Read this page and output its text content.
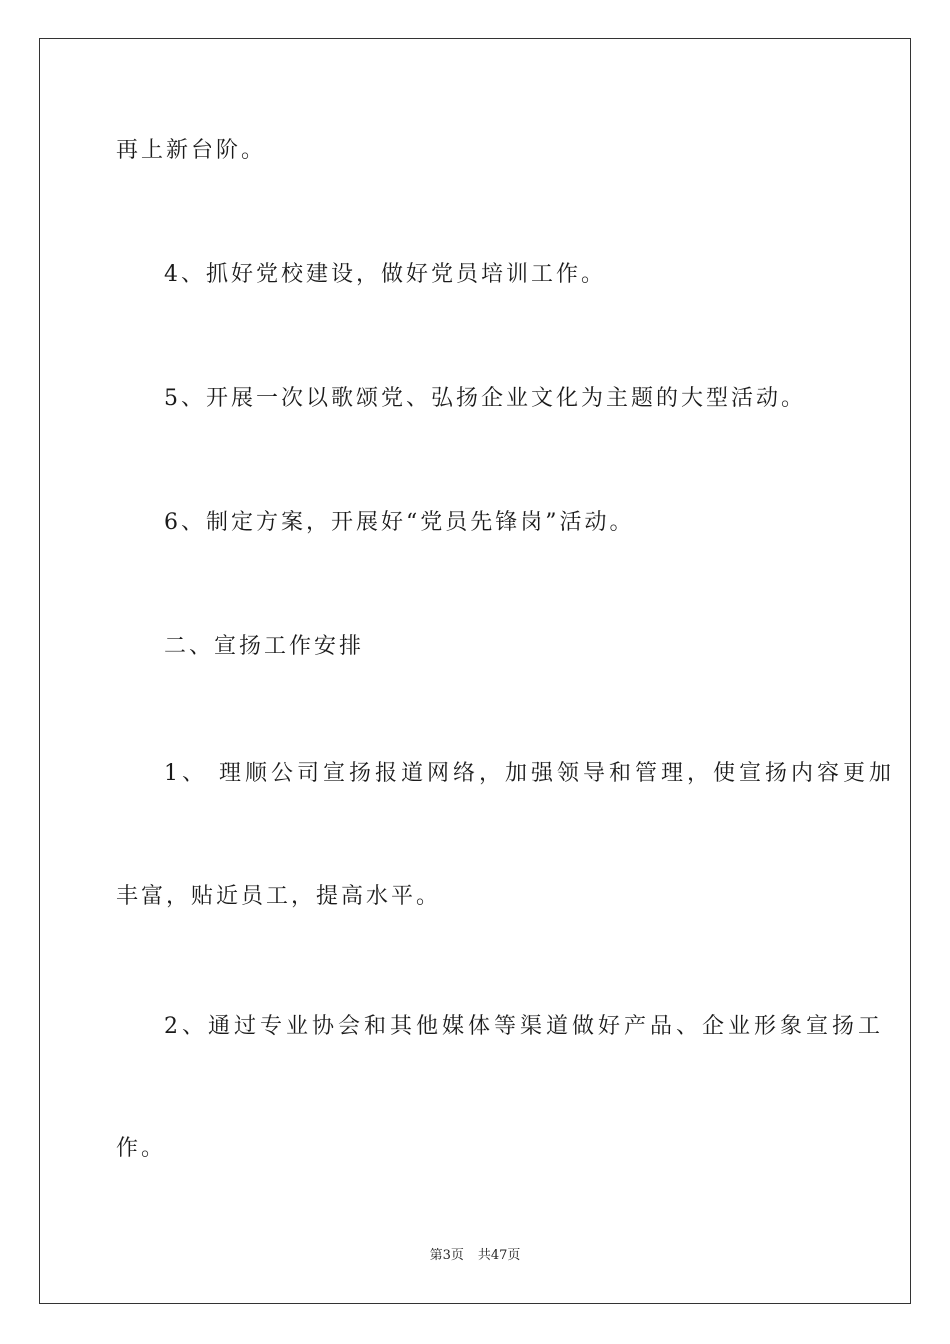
再上新台阶。
4、抓好党校建设，做好党员培训工作。
5、开展一次以歌颂党、弘扬企业文化为主题的大型活动。
6、制定方案，开展好“党员先锋岗”活动。
二、宣扬工作安排
1、 理顺公司宣扬报道网络，加强领导和管理，使宣扬内容更加
丰富，贴近员工，提高水平。
2、通过专业协会和其他媒体等渠道做好产品、企业形象宣扬工
作。
第3页 共47页
